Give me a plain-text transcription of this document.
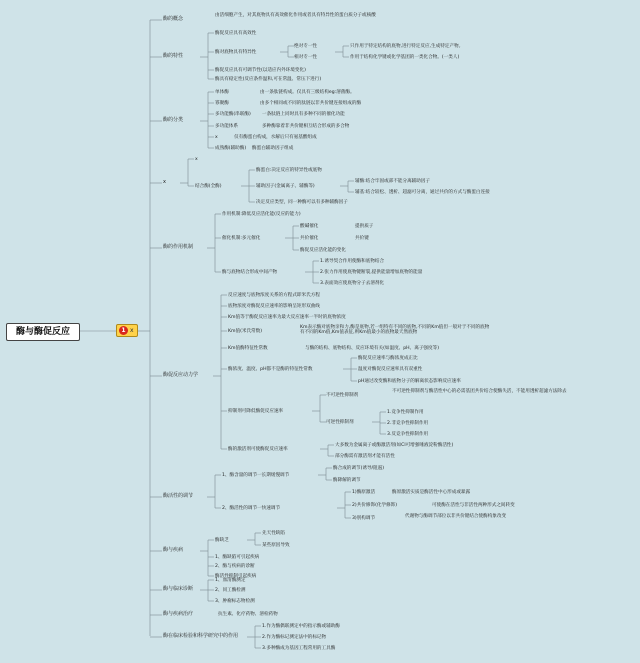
酶与酶促反应	1 x
酶的概念
由活细胞产生，对其底物具有高效催化作用或者具有特异性的蛋白质分子或核酸
酶的特性
酶促反应具有高效性
酶对底物具有特异性
酶促反应具有可调节性(以适应内外环境变化)
酶具有稳定性(反应条件温和,可在常温、常压下进行)
绝对专一性
相对专一性
只作用于特定结构的底物,进行特定反应,生成特定产物。
作用于结构化学键或化学基团的一类化合物。(一类人)
酶的分类
单体酶
寡聚酶
多功能酶(串联酶)
多功能体系
x
成熟酶(辅助酶)
由一条肽链构成。仅具有三级结构eg:溶菌酶。
由多个相同或不同的肽链以非共价键连接组成的酶
一条肽链上同时具有多种不同的催化功能
多种酶靠着非共价键相互结合形成的多合物
仅有酶蛋白构成，水解后只有氨基酸组成
酶蛋白辅助因子组成
x
x
结合酶(全酶)
酶蛋白:决定反应的特异性或底物
辅助因子(金属离子、辅酶等)
决定反应类型，同一种酶可以有多种辅酶因子
辅酶:结合牢固或部不能分离辅助因子
辅基:结合较松、透析、超滤可分离，通过共价的方式与酶蛋白连接
酶的作用机制
作用机制:降低反应活化能(反应的能力)
催化机制:多元催化
酶与底物结合形成中间产物
酸碱催化
共价催化
酶促反应活化能的变化
提供质子
共价键
1.诱导契合作用使酶和底物结合
2.张力作用使底物键断裂,提供能量增加底物的能量
3.表面效应使底物分子去溶剂化
酶促反应动力学
反应速度与底物浓度关系的方程式即米氏方程
底物浓度对酶促反应速率的影响呈矩形双曲线
Km值等于酶促反应速率为最大反应速率一半时的底物浓度
Km值(米氏常数)
Km值酶特征性常数
酶浓度、温度、pH都不是酶的特征性常数
抑制剂可降低酶促反应速率
酶的激活剂可使酶促反应速率
Km表示酶对底物亲和力,酶是底物,若一组特有不同的底物,不同的Km值但一般对于不同的底物有不同的Km值,Km值表征,则Km值最小的底物最天然底物
与酶的结构、底物结构、反应环境有关(如温度、pH、离子强度等)
酶促反应速率与酶浓度成正比
温度对酶促反应速率具有双重性
pH通过改变酶和底物分子的解离状态影响反应速率
不可逆性抑制剂
可逆性抑制剂
不可逆性抑制剂与酶活性中心的必需基团共价结合使酶失活，不能用透析超滤方法除去
1.竞争性抑制作用
2.非竞争性抑制作用
3.反竞争性抑制作用
大多数为金属离子或酶激活剂(如Cl可增强唾液淀粉酶活性)
部分酶需有激活剂才能有活性
酶活性的调节
1、酶含量的调节一长期缓慢调节
2、酶活性的调节一快速调节
酶合成的调节(诱导/阻遏)
酶降解的调节
1)酶原激活
2)共价修饰(化学修饰)
3)别构调节
酶原激活实质是酶活性中心形成或暴露
可使酶在活性与非活性两种形式之间转变
代谢物与酶调节部位以非共价键结合使酶构象改变
酶与疾病
酶缺乏
1、酶缺陷可引起疾病
2、酶与疾病的诊断
酶活性抑制引起疾病
先天性缺陷
某些原因导致
酶与临床诊断
1、血清酶测定
2、同工酶检测
3、肿瘤标志物检测
酶与疾病治疗	抗生素、化疗药物、溶栓药物
酶在临床检验和科学研究中的作用
1.作为酶偶联测定中的指示酶或辅助酶
2.作为酶标记测定法中的标记物
3.多种酶成为基因工程常用的工具酶
